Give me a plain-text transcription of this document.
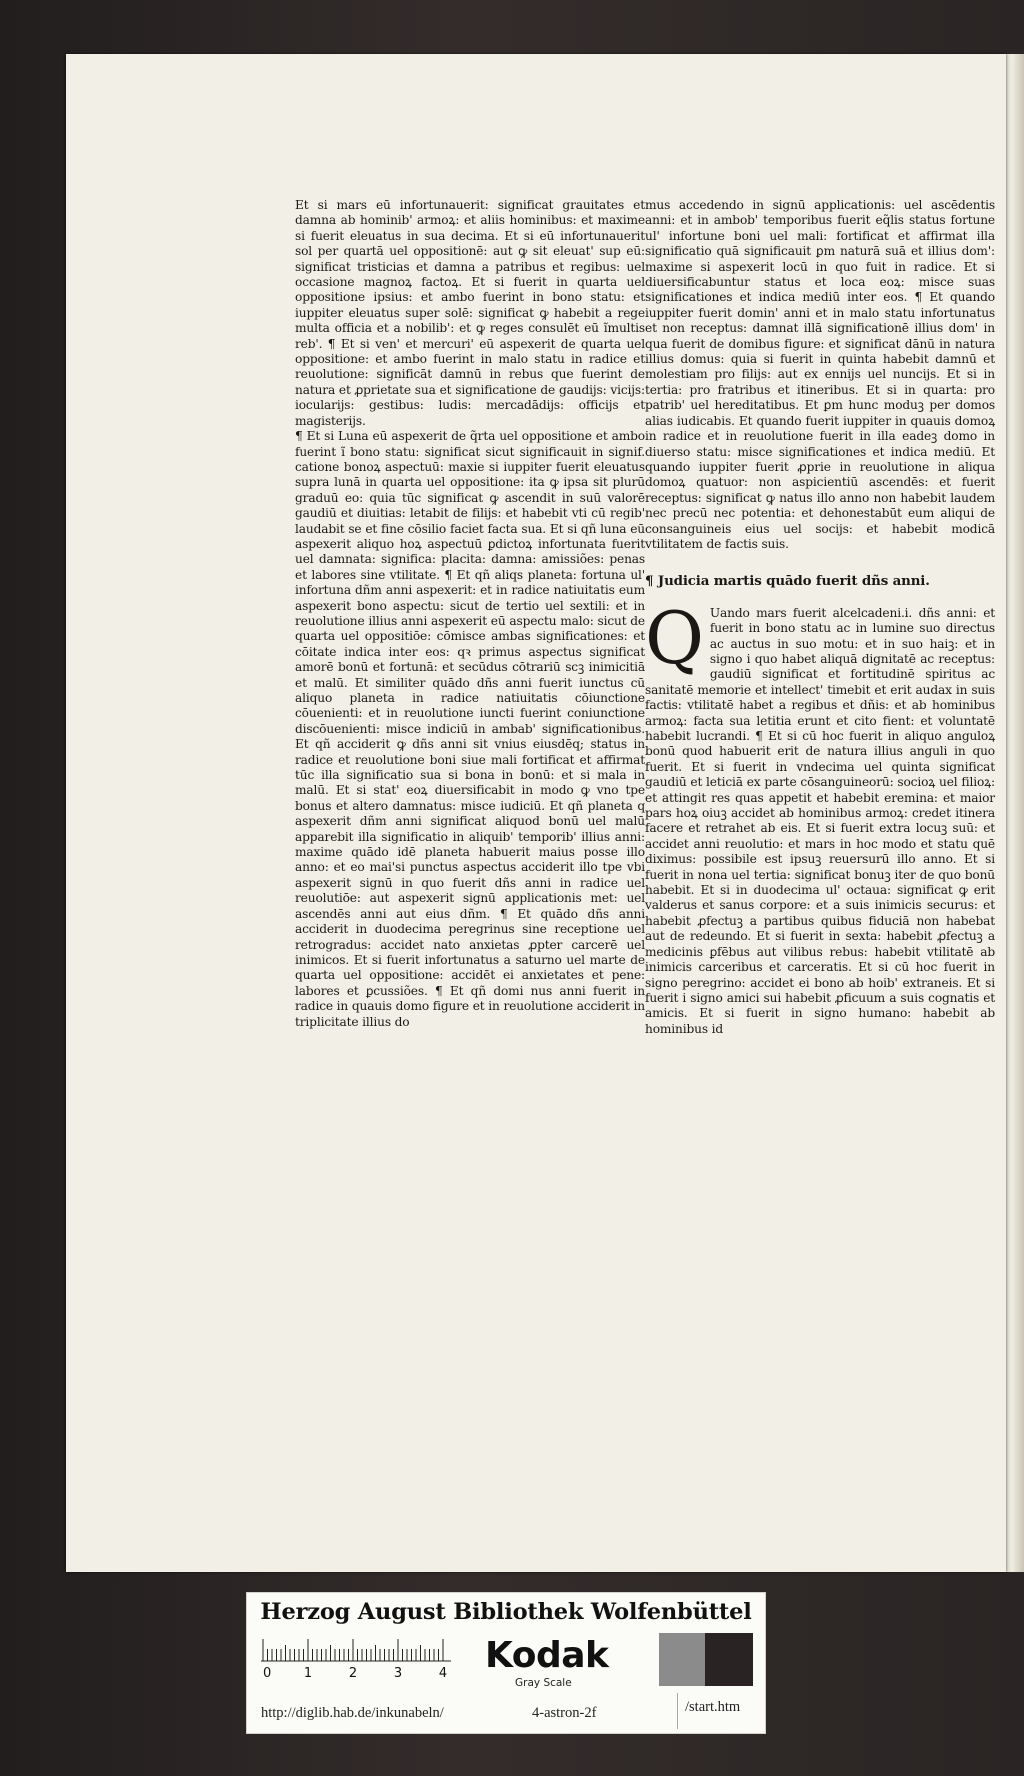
Et si mars eū infortunauerit: significat grauitates et damna ab hominib' armoꝝ: et aliis hominibus: et maxime si fuerit eleuatus in sua decima. Et si eū infortunauerit sol per quartā uel oppositionē: aut ꝙ sit eleuat' sup eū: significat tristicias et damna a patribus et regibus: uel occasione magnoꝝ factoꝝ. Et si fuerit in quarta uel oppositione ipsius: et ambo fuerint in bono statu: et iuppiter eleuatus super solē: significat ꝙ habebit a rege multa officia et a nobilib': et ꝙ reges consulēt eū ĩmultis reb'. ¶ Et si ven' et mercuri' eū aspexerit de quarta uel oppositione: et ambo fuerint in malo statu in radice et reuolutione: significāt damnū in rebus que fuerint de natura et ꝓprietate sua et significatione de gaudijs: vicijs: iocularijs: gestibus: ludis: mercadādijs: officijs et magisterijs.

¶ Et si Luna eū aspexerit de q̃rta uel oppositione et ambo fuerint ĩ bono statu: significat sicut significauit in signif. catione bonoꝝ aspectuū: maxie si iuppiter fuerit eleuatus supra lunā in quarta uel oppositione: ita ꝙ ipsa sit plurū graduū eo: quia tūc significat ꝙ ascendit in suū valorē gaudiū et diuitias: letabit de filijs: et habebit vti cū regib' laudabit se et fine cōsilio faciet facta sua. Et si qñ luna eū aspexerit aliquo hoꝝ aspectuū ꝑdictoꝝ infortunata fuerit uel damnata: significa: placita: damna: amissiões: penas et labores sine vtilitate. ¶ Et qñ aliqs planeta: fortuna ul' infortuna dñm anni aspexerit: et in radice natiuitatis eum aspexerit bono aspectu: sicut de tertio uel sextili: et in reuolutione illius anni aspexerit eū aspectu malo: sicut de quarta uel oppositiōe: cōmisce ambas significationes: et cōitate indica inter eos: qꝛ primus aspectus significat amorē bonū et fortunā: et secūdus cōtrariū scꝫ inimicitiā et malū. Et similiter quādo dñs anni fuerit iunctus cū aliquo planeta in radice natiuitatis cōiunctione cōuenienti: et in reuolutione iuncti fuerint coniunctione discōuenienti: misce indiciū in ambab' significationibus. Et qñ acciderit ꝙ dñs anni sit vnius eiusdēq; status in radice et reuolutione boni siue mali fortificat et affirmat tūc illa significatio sua si bona in bonū: et si mala in malū. Et si stat' eoꝝ diuersificabit in modo ꝙ vno tpe bonus et altero damnatus: misce iudiciū. Et qñ planeta q aspexerit dñm anni significat aliquod bonū uel malū apparebit illa significatio in aliquib' temporib' illius anni: maxime quādo idē planeta habuerit maius posse illo anno: et eo mai'si punctus aspectus acciderit illo tpe vbi aspexerit signū in quo fuerit dñs anni in radice uel reuolutiōe: aut aspexerit signū applicationis met: uel ascendēs anni aut eius dñm. ¶ Et quādo dñs anni acciderit in duodecima peregrinus sine receptione uel retrogradus: accidet nato anxietas ꝓpter carcerē uel inimicos. Et si fuerit infortunatus a saturno uel marte de quarta uel oppositione: accidēt ei anxietates et pene: labores et ꝑcussiões. ¶ Et qñ domi nus anni fuerit in radice in quauis domo figure et in reuolutione acciderit in triplicitate illius do

mus accedendo in signū applicationis: uel ascēdentis anni: et in ambob' temporibus fuerit eq̃lis status fortune ul' infortune boni uel mali: fortificat et affirmat illa significatio quā significauit ꝑm naturā suā et illius dom': maxime si aspexerit locū in quo fuit in radice. Et si diuersificabuntur status et loca eoꝝ: misce suas significationes et indica mediū inter eos. ¶ Et quando iuppiter fuerit domin' anni et in malo statu infortunatus et non receptus: damnat illā significationē illius dom' in qua fuerit de domibus figure: et significat dānū in natura illius domus: quia si fuerit in quinta habebit damnū et molestiam pro filijs: aut ex ennijs uel nuncijs. Et si in tertia: pro fratribus et itineribus. Et si in quarta: pro patrib' uel hereditatibus. Et ꝑm hunc moduꝫ per domos alias iudicabis. Et quando fuerit iuppiter in quauis domoꝝ in radice et in reuolutione fuerit in illa eadeꝫ domo in diuerso statu: misce significationes et indica mediū. Et quando iuppiter fuerit ꝓprie in reuolutione in aliqua domoꝝ quatuor: non aspicientiū ascendēs: et fuerit receptus: significat ꝙ natus illo anno non habebit laudem nec precū nec potentia: et dehonestabūt eum aliqui de consanguineis eius uel socijs: et habebit modicā vtilitatem de factis suis.

¶ Judicia martis quādo fuerit dñs anni.

Q Uando mars fuerit alcelcadeni.i. dñs anni: et fuerit in bono statu ac in lumine suo directus ac auctus in suo motu: et in suo haiꝫ: et in signo i quo habet aliquā dignitatē ac receptus: gaudiū significat et fortitudinē spiritus ac sanitatē memorie et intellect' timebit et erit audax in suis factis: vtilitatē habet a regibus et dñis: et ab hominibus armoꝝ: facta sua letitia erunt et cito fient: et voluntatē habebit lucrandi. ¶ Et si cū hoc fuerit in aliquo anguloꝝ bonū quod habuerit erit de natura illius anguli in quo fuerit. Et si fuerit in vndecima uel quinta significat gaudiū et leticiā ex parte cōsanguineorū: socioꝝ uel filioꝝ: et attingit res quas appetit et habebit eremina: et maior pars hoꝝ oiuꝫ accidet ab hominibus armoꝝ: credet itinera facere et retrahet ab eis. Et si fuerit extra locuꝫ suū: et accidet anni reuolutio: et mars in hoc modo et statu quē diximus: possibile est ipsuꝫ reuersurū illo anno. Et si fuerit in nona uel tertia: significat bonuꝫ iter de quo bonū habebit. Et si in duodecima ul' octaua: significat ꝙ erit valderus et sanus corpore: et a suis inimicis securus: et habebit ꝓfectuꝫ a partibus quibus fiduciā non habebat aut de redeundo. Et si fuerit in sexta: habebit ꝓfectuꝫ a medicinis ꝑfēbus aut vilibus rebus: habebit vtilitatē ab inimicis carceribus et carceratis. Et si cū hoc fuerit in signo peregrino: accidet ei bono ab hoib' extraneis. Et si fuerit i signo amici sui habebit ꝓficuum a suis cognatis et amicis. Et si fuerit in signo humano: habebit ab hominibus id
Herzog August Bibliothek Wolfenbüttel
0	1	2	3	4 Kodak
Gray Scale
http://diglib.hab.de/inkunabeln/	4-astron-2f	/start.htm
